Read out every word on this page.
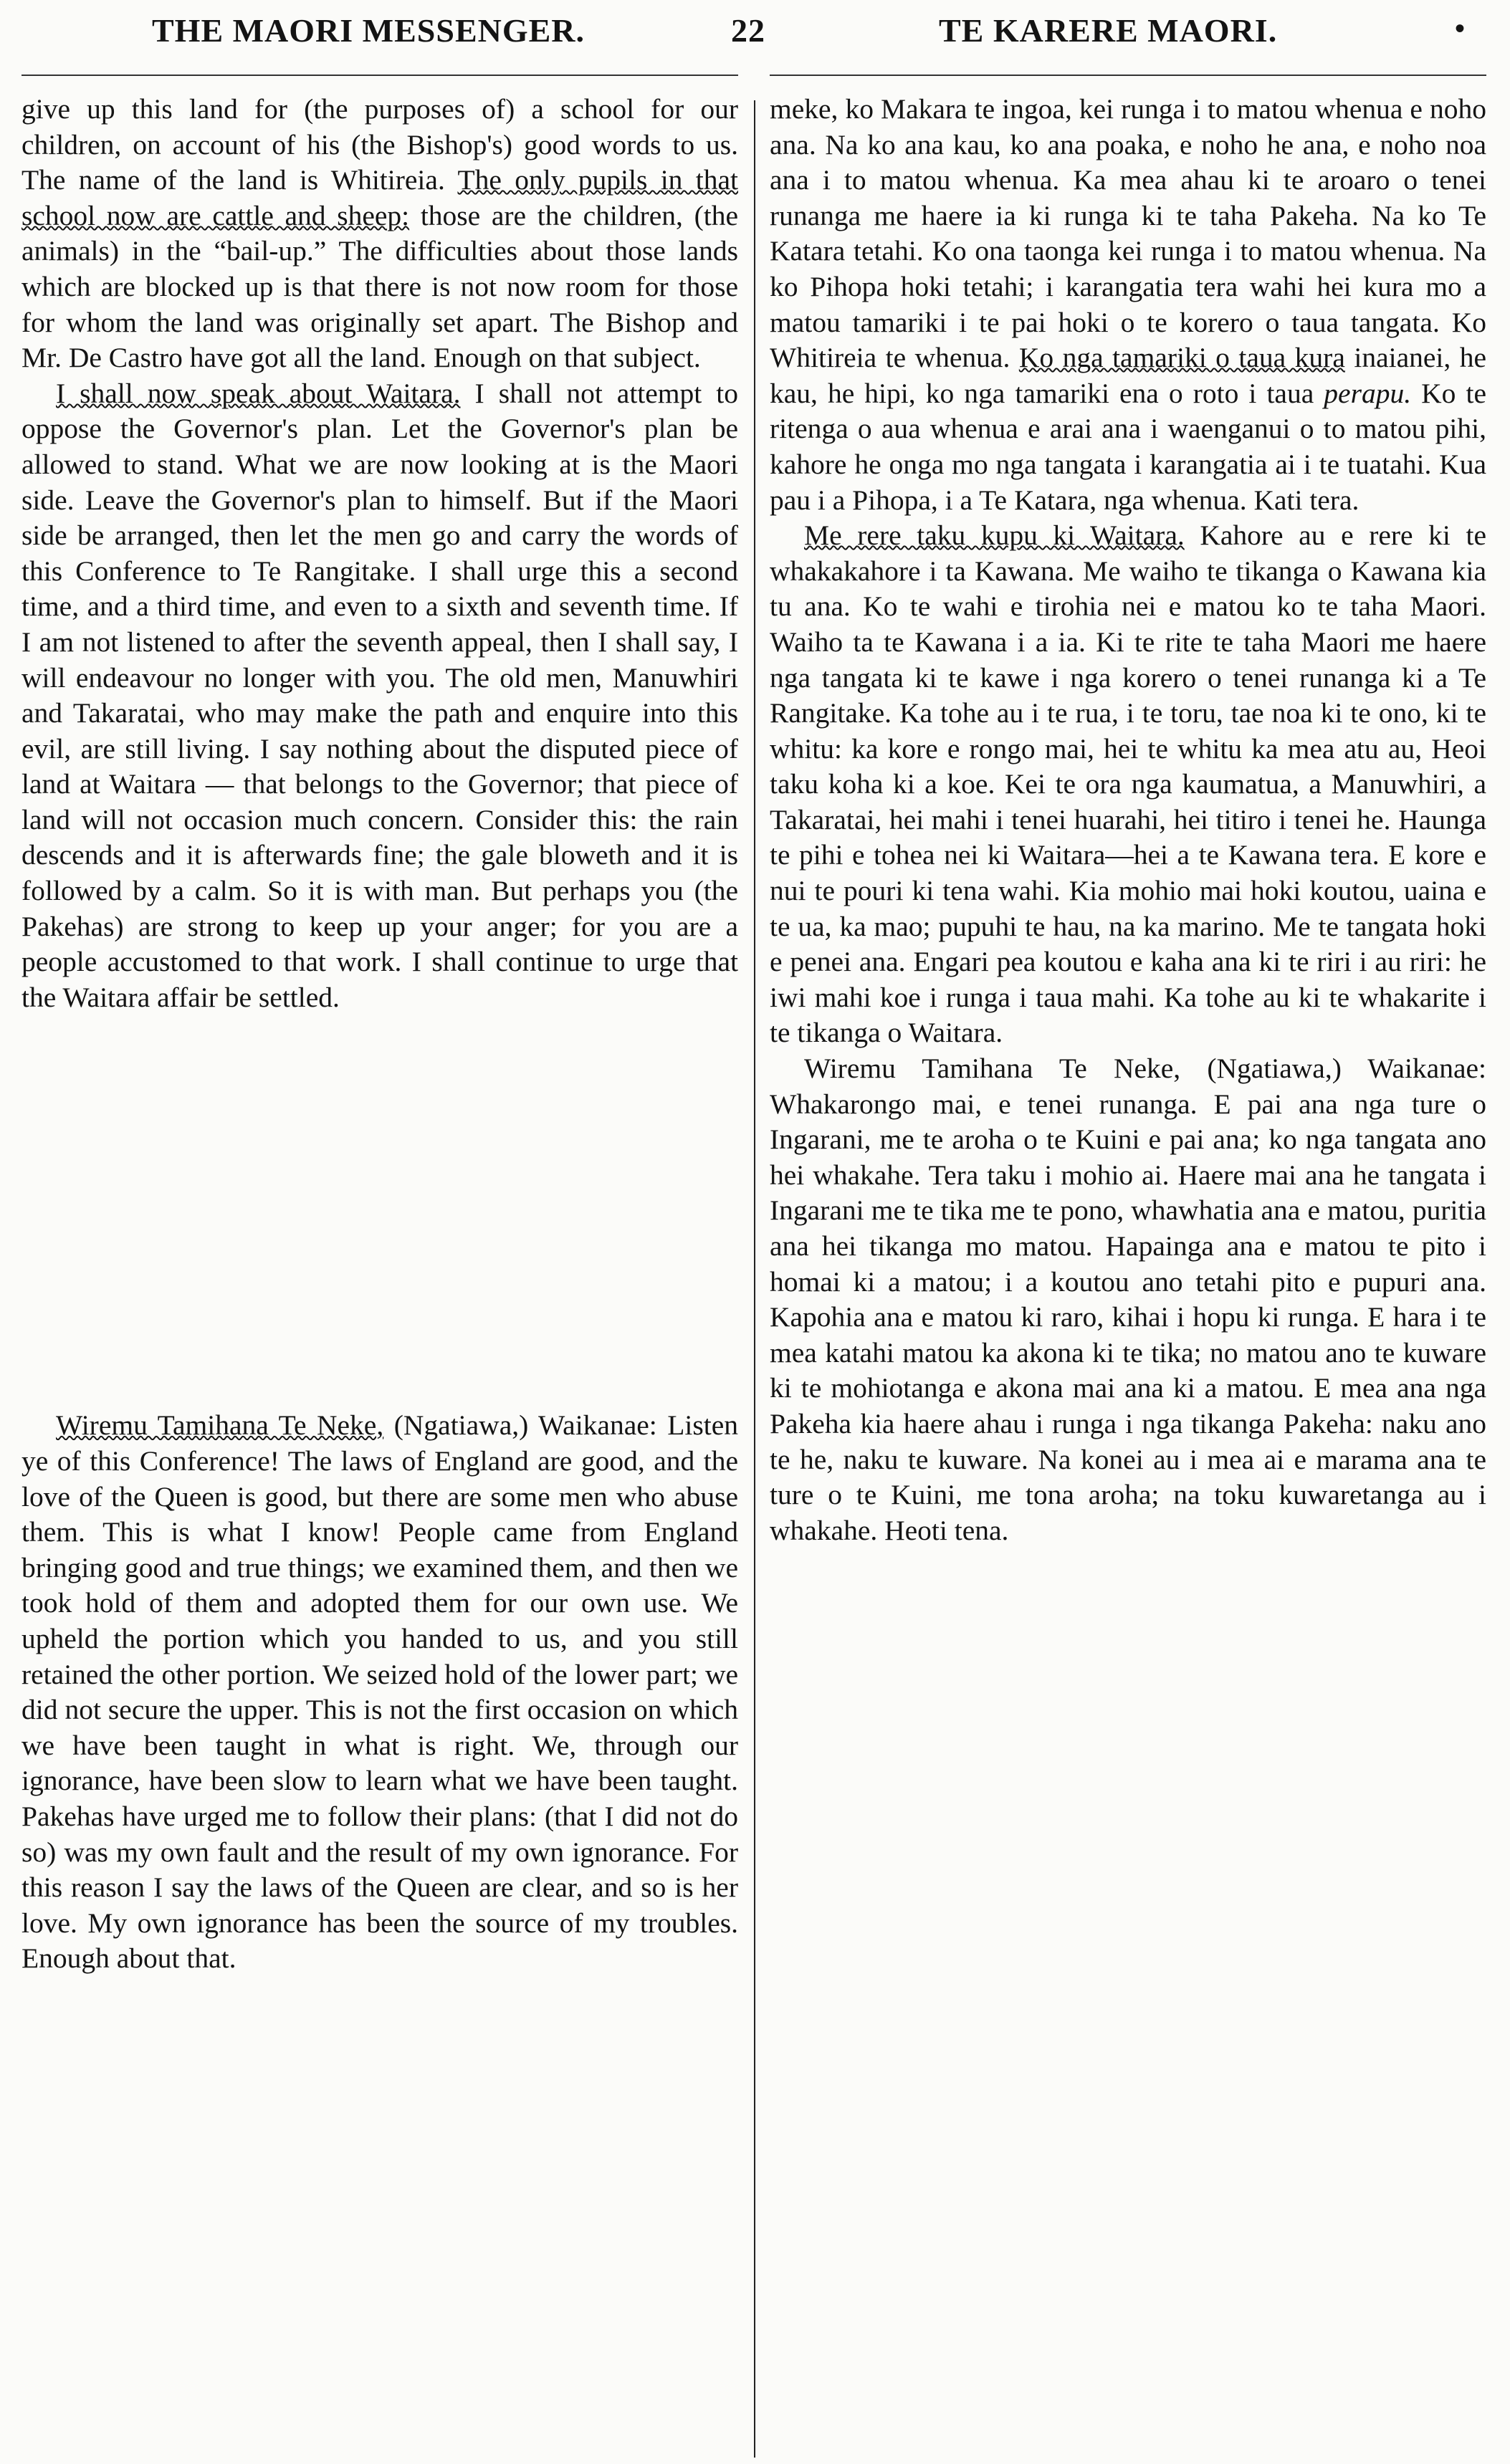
THE MAORI MESSENGER.	22	TE KARERE MAORI.	•

give up this land for (the purposes of) a school for our children, on account of his (the Bishop's) good words to us. The name of the land is Whitireia. The only pupils in that school now are cattle and sheep: those are the children, (the animals) in the “bail-up.” The difficulties about those lands which are blocked up is that there is not now room for those for whom the land was originally set apart. The Bishop and Mr. De Castro have got all the land. Enough on that subject.

I shall now speak about Waitara. I shall not attempt to oppose the Governor's plan. Let the Governor's plan be allowed to stand. What we are now looking at is the Maori side. Leave the Governor's plan to himself. But if the Maori side be arranged, then let the men go and carry the words of this Conference to Te Rangitake. I shall urge this a second time, and a third time, and even to a sixth and seventh time. If I am not listened to after the seventh appeal, then I shall say, I will endeavour no longer with you. The old men, Manuwhiri and Takaratai, who may make the path and enquire into this evil, are still living. I say nothing about the disputed piece of land at Waitara — that belongs to the Governor; that piece of land will not occasion much concern. Consider this: the rain descends and it is afterwards fine; the gale bloweth and it is followed by a calm. So it is with man. But perhaps you (the Pakehas) are strong to keep up your anger; for you are a people accustomed to that work. I shall continue to urge that the Waitara affair be settled.

Wiremu Tamihana Te Neke, (Ngatiawa,) Waikanae: Listen ye of this Conference! The laws of England are good, and the love of the Queen is good, but there are some men who abuse them. This is what I know! People came from England bringing good and true things; we examined them, and then we took hold of them and adopted them for our own use. We upheld the portion which you handed to us, and you still retained the other portion. We seized hold of the lower part; we did not secure the upper. This is not the first occasion on which we have been taught in what is right. We, through our ignorance, have been slow to learn what we have been taught. Pakehas have urged me to follow their plans: (that I did not do so) was my own fault and the result of my own ignorance. For this reason I say the laws of the Queen are clear, and so is her love. My own ignorance has been the source of my troubles. Enough about that.

meke, ko Makara te ingoa, kei runga i to matou whenua e noho ana. Na ko ana kau, ko ana poaka, e noho he ana, e noho noa ana i to matou whenua. Ka mea ahau ki te aroaro o tenei runanga me haere ia ki runga ki te taha Pakeha. Na ko Te Katara tetahi. Ko ona taonga kei runga i to matou whenua. Na ko Pihopa hoki tetahi; i karangatia tera wahi hei kura mo a matou tamariki i te pai hoki o te korero o taua tangata. Ko Whitireia te whenua. Ko nga tamariki o taua kura inaianei, he kau, he hipi, ko nga tamariki ena o roto i taua perapu. Ko te ritenga o aua whenua e arai ana i waenganui o to matou pihi, kahore he onga mo nga tangata i karangatia ai i te tuatahi. Kua pau i a Pihopa, i a Te Katara, nga whenua. Kati tera.

Me rere taku kupu ki Waitara. Kahore au e rere ki te whakakahore i ta Kawana. Me waiho te tikanga o Kawana kia tu ana. Ko te wahi e tirohia nei e matou ko te taha Maori. Waiho ta te Kawana i a ia. Ki te rite te taha Maori me haere nga tangata ki te kawe i nga korero o tenei runanga ki a Te Rangitake. Ka tohe au i te rua, i te toru, tae noa ki te ono, ki te whitu: ka kore e rongo mai, hei te whitu ka mea atu au, Heoi taku koha ki a koe. Kei te ora nga kaumatua, a Manuwhiri, a Takaratai, hei mahi i tenei huarahi, hei titiro i tenei he. Haunga te pihi e tohea nei ki Waitara—hei a te Kawana tera. E kore e nui te pouri ki tena wahi. Kia mohio mai hoki koutou, uaina e te ua, ka mao; pupuhi te hau, na ka marino. Me te tangata hoki e penei ana. Engari pea koutou e kaha ana ki te riri i au riri: he iwi mahi koe i runga i taua mahi. Ka tohe au ki te whakarite i te tikanga o Waitara.

Wiremu Tamihana Te Neke, (Ngatiawa,) Waikanae: Whakarongo mai, e tenei runanga. E pai ana nga ture o Ingarani, me te aroha o te Kuini e pai ana; ko nga tangata ano hei whakahe. Tera taku i mohio ai. Haere mai ana he tangata i Ingarani me te tika me te pono, whawhatia ana e matou, puritia ana hei tikanga mo matou. Hapainga ana e matou te pito i homai ki a matou; i a koutou ano tetahi pito e pupuri ana. Kapohia ana e matou ki raro, kihai i hopu ki runga. E hara i te mea katahi matou ka akona ki te tika; no matou ano te kuware ki te mohiotanga e akona mai ana ki a matou. E mea ana nga Pakeha kia haere ahau i runga i nga tikanga Pakeha: naku ano te he, naku te kuware. Na konei au i mea ai e marama ana te ture o te Kuini, me tona aroha; na toku kuwaretanga au i whakahe. Heoti tena.
